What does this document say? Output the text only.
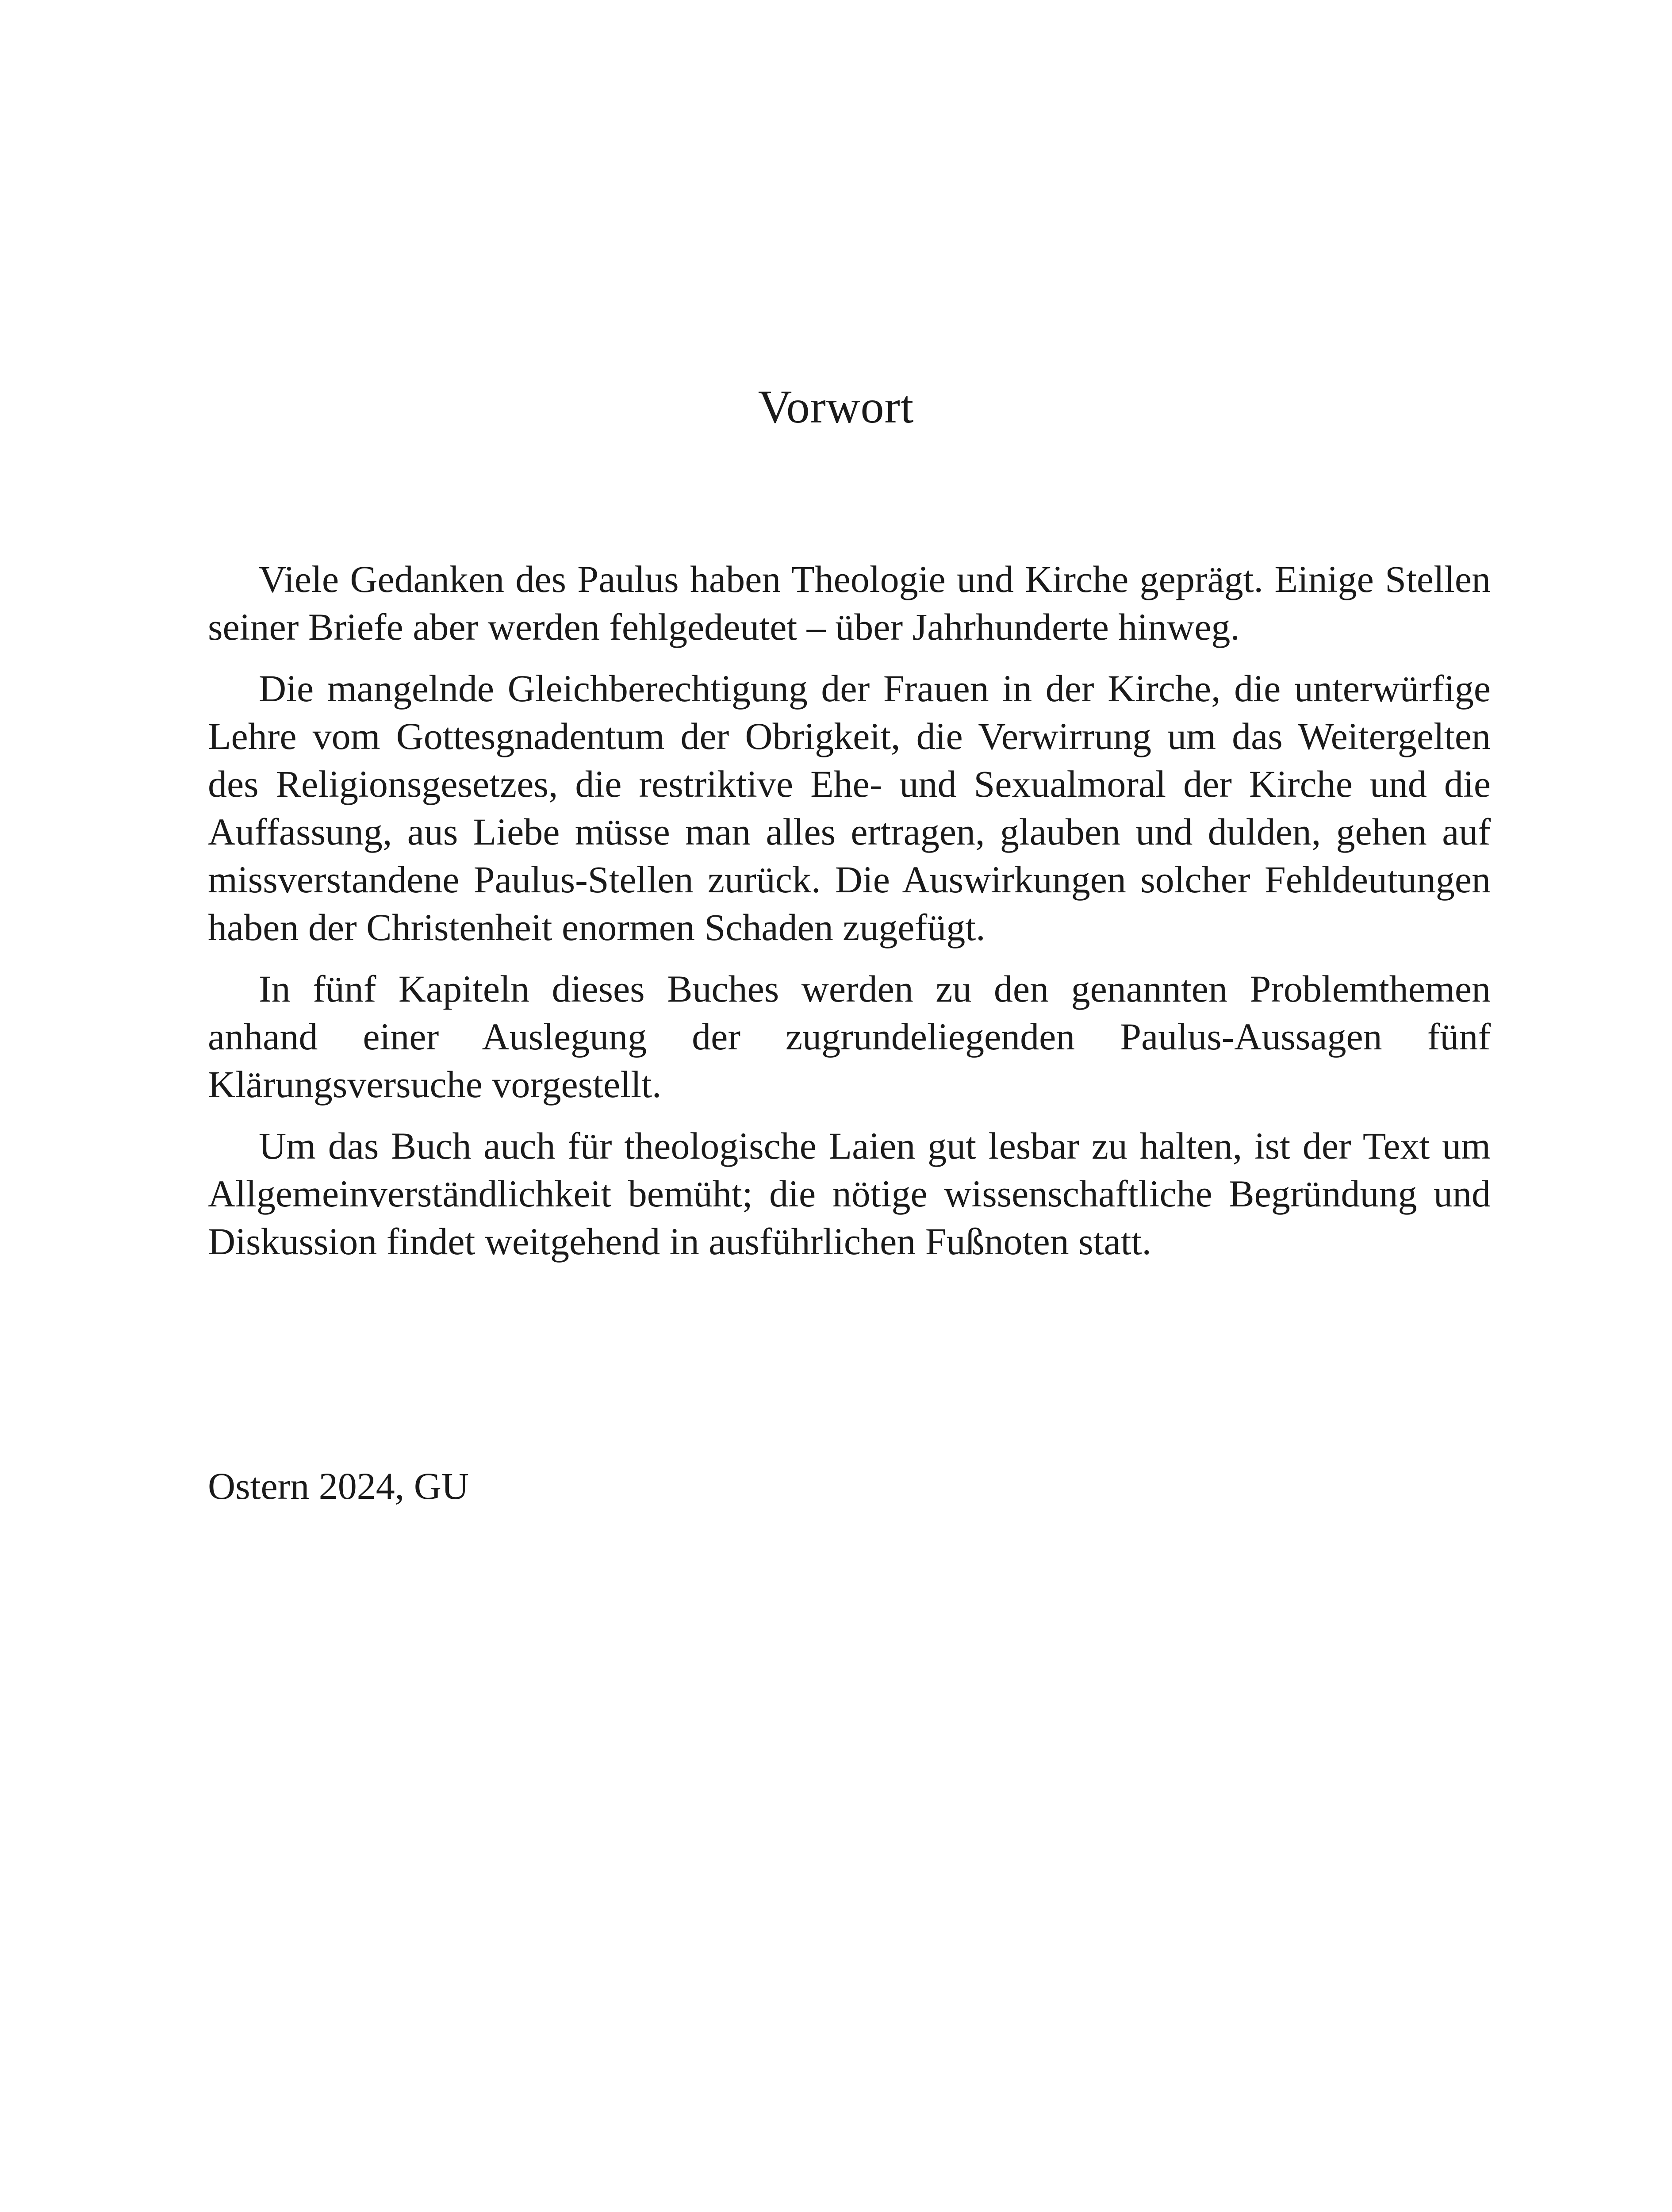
Vorwort

Viele Gedanken des Paulus haben Theologie und Kirche geprägt. Einige Stellen seiner Briefe aber werden fehlgedeutet – über Jahrhunderte hinweg.

Die mangelnde Gleichberechtigung der Frauen in der Kirche, die unterwürfige Lehre vom Gottesgnadentum der Obrigkeit, die Verwirrung um das Weitergelten des Religionsgesetzes, die restriktive Ehe- und Sexualmoral der Kirche und die Auffassung, aus Liebe müsse man alles ertragen, glauben und dulden, gehen auf missverstandene Paulus-Stellen zurück. Die Auswirkungen solcher Fehldeutungen haben der Christenheit enormen Schaden zugefügt.

In fünf Kapiteln dieses Buches werden zu den genannten Problemthemen anhand einer Auslegung der zugrundeliegenden Paulus-Aussagen fünf Klärungsversuche vorgestellt.

Um das Buch auch für theologische Laien gut lesbar zu halten, ist der Text um Allgemeinverständlichkeit bemüht; die nötige wissenschaftliche Begründung und Diskussion findet weitgehend in ausführlichen Fußnoten statt.

Ostern 2024, GU
